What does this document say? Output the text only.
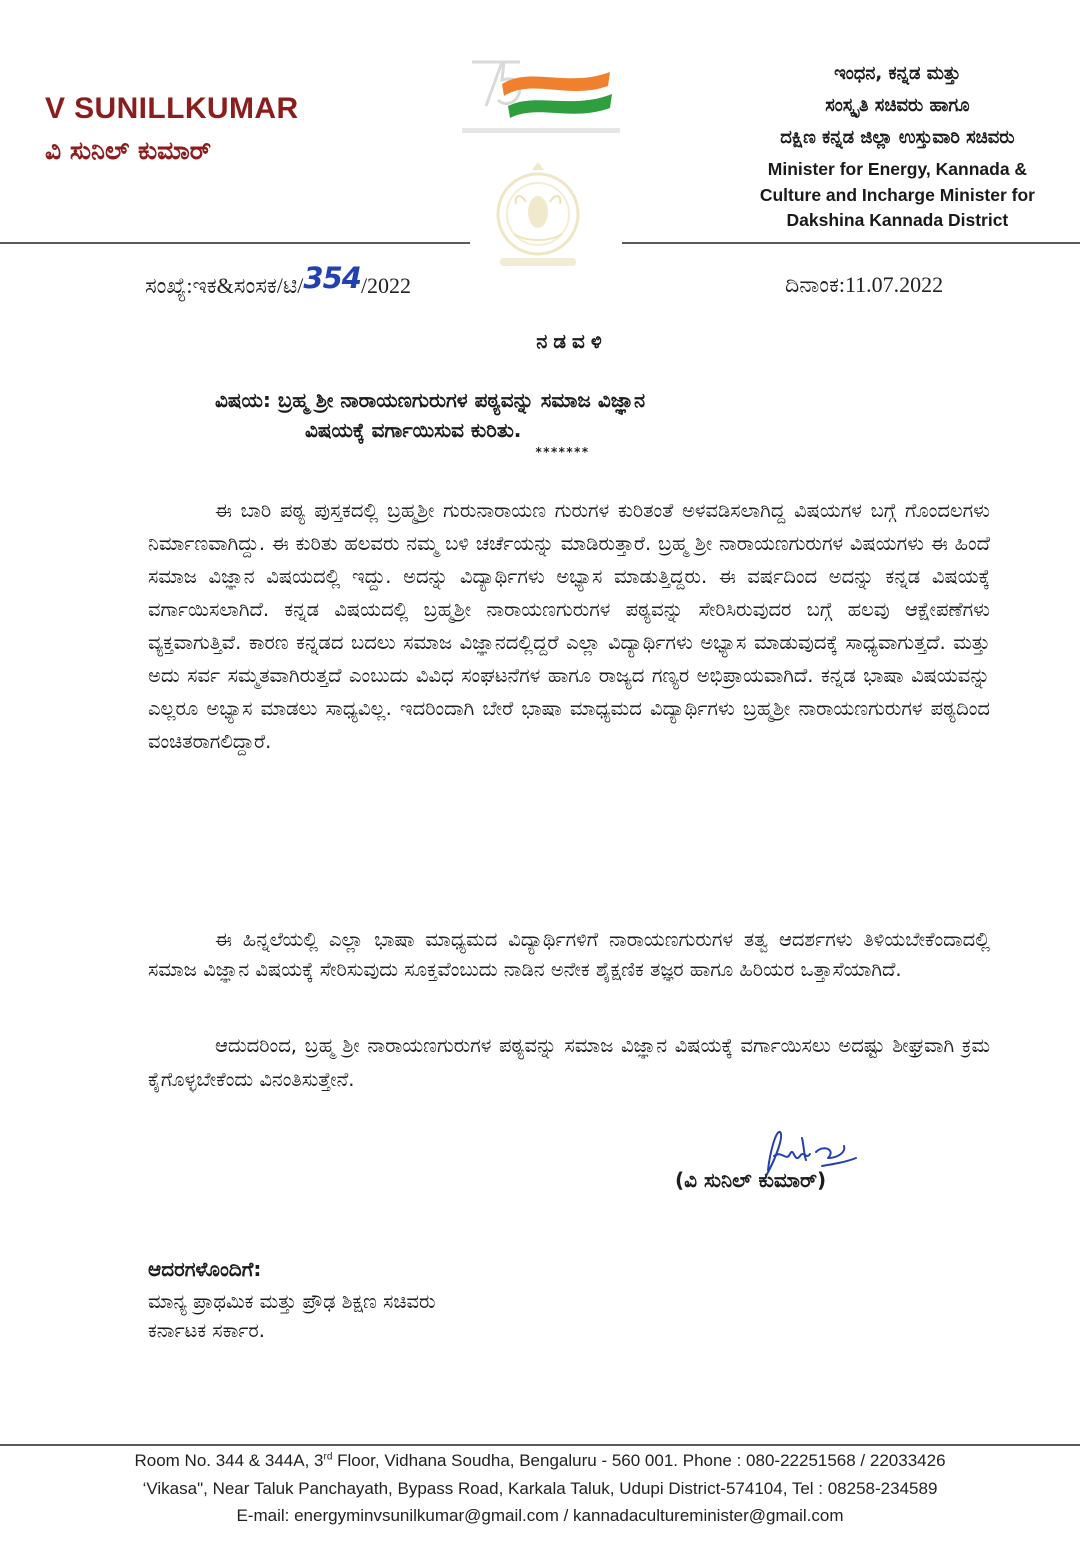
V SUNILLKUMAR
ವಿ ಸುನಿಲ್ ಕುಮಾರ್
ಇಂಧನ, ಕನ್ನಡ ಮತ್ತು
ಸಂಸ್ಕೃತಿ ಸಚಿವರು ಹಾಗೂ
ದಕ್ಷಿಣ ಕನ್ನಡ ಜಿಲ್ಲಾ ಉಸ್ತುವಾರಿ ಸಚಿವರು
Minister for Energy, Kannada &
Culture and Incharge Minister for
Dakshina Kannada District
ಸಂಖ್ಯೆ:ಇಕ&ಸಂಸಕ/ಟಿ/354/2022	ದಿನಾಂಕ:11.07.2022
ನಡವಳಿ
ವಿಷಯ: ಬ್ರಹ್ಮ ಶ್ರೀ ನಾರಾಯಣಗುರುಗಳ ಪಠ್ಯವನ್ನು ಸಮಾಜ ವಿಜ್ಞಾನ
ವಿಷಯಕ್ಕೆ ವರ್ಗಾಯಿಸುವ ಕುರಿತು.
*******
ಈ ಬಾರಿ ಪಠ್ಯ ಪುಸ್ತಕದಲ್ಲಿ ಬ್ರಹ್ಮಶ್ರೀ ಗುರುನಾರಾಯಣ ಗುರುಗಳ ಕುರಿತಂತೆ ಅಳವಡಿಸಲಾಗಿದ್ದ ವಿಷಯಗಳ ಬಗ್ಗೆ ಗೊಂದಲಗಳು ನಿರ್ಮಾಣವಾಗಿದ್ದು. ಈ ಕುರಿತು ಹಲವರು ನಮ್ಮ ಬಳಿ ಚರ್ಚೆಯನ್ನು ಮಾಡಿರುತ್ತಾರೆ. ಬ್ರಹ್ಮ ಶ್ರೀ ನಾರಾಯಣಗುರುಗಳ ವಿಷಯಗಳು ಈ ಹಿಂದೆ ಸಮಾಜ ವಿಜ್ಞಾನ ವಿಷಯದಲ್ಲಿ ಇದ್ದು. ಅದನ್ನು ವಿದ್ಯಾರ್ಥಿಗಳು ಅಭ್ಯಾಸ ಮಾಡುತ್ತಿದ್ದರು. ಈ ವರ್ಷದಿಂದ ಅದನ್ನು ಕನ್ನಡ ವಿಷಯಕ್ಕೆ ವರ್ಗಾಯಿಸಲಾಗಿದೆ. ಕನ್ನಡ ವಿಷಯದಲ್ಲಿ ಬ್ರಹ್ಮಶ್ರೀ ನಾರಾಯಣಗುರುಗಳ ಪಠ್ಯವನ್ನು ಸೇರಿಸಿರುವುದರ ಬಗ್ಗೆ ಹಲವು ಆಕ್ಷೇಪಣೆಗಳು ವ್ಯಕ್ತವಾಗುತ್ತಿವೆ. ಕಾರಣ ಕನ್ನಡದ ಬದಲು ಸಮಾಜ ವಿಜ್ಞಾನದಲ್ಲಿದ್ದರೆ ಎಲ್ಲಾ ವಿದ್ಯಾರ್ಥಿಗಳು ಅಭ್ಯಾಸ ಮಾಡುವುದಕ್ಕೆ ಸಾಧ್ಯವಾಗುತ್ತದೆ. ಮತ್ತು ಅದು ಸರ್ವ ಸಮ್ಮತವಾಗಿರುತ್ತದೆ ಎಂಬುದು ವಿವಿಧ ಸಂಘಟನೆಗಳ ಹಾಗೂ ರಾಜ್ಯದ ಗಣ್ಯರ ಅಭಿಪ್ರಾಯವಾಗಿದೆ. ಕನ್ನಡ ಭಾಷಾ ವಿಷಯವನ್ನು ಎಲ್ಲರೂ ಅಭ್ಯಾಸ ಮಾಡಲು ಸಾಧ್ಯವಿಲ್ಲ. ಇದರಿಂದಾಗಿ ಬೇರೆ ಭಾಷಾ ಮಾಧ್ಯಮದ ವಿದ್ಯಾರ್ಥಿಗಳು ಬ್ರಹ್ಮಶ್ರೀ ನಾರಾಯಣಗುರುಗಳ ಪಠ್ಯದಿಂದ ವಂಚಿತರಾಗಲಿದ್ದಾರೆ.
ಈ ಹಿನ್ನಲೆಯಲ್ಲಿ ಎಲ್ಲಾ ಭಾಷಾ ಮಾಧ್ಯಮದ ವಿದ್ಯಾರ್ಥಿಗಳಿಗೆ ನಾರಾಯಣಗುರುಗಳ ತತ್ವ ಆದರ್ಶಗಳು ತಿಳಿಯಬೇಕೆಂದಾದಲ್ಲಿ ಸಮಾಜ ವಿಜ್ಞಾನ ವಿಷಯಕ್ಕೆ ಸೇರಿಸುವುದು ಸೂಕ್ತವೆಂಬುದು ನಾಡಿನ ಅನೇಕ ಶೈಕ್ಷಣಿಕ ತಜ್ಞರ ಹಾಗೂ ಹಿರಿಯರ ಒತ್ತಾಸೆಯಾಗಿದೆ.
ಆದುದರಿಂದ, ಬ್ರಹ್ಮ ಶ್ರೀ ನಾರಾಯಣಗುರುಗಳ ಪಠ್ಯವನ್ನು ಸಮಾಜ ವಿಜ್ಞಾನ ವಿಷಯಕ್ಕೆ ವರ್ಗಾಯಿಸಲು ಅದಷ್ಟು ಶೀಘ್ರವಾಗಿ ಕ್ರಮ ಕೈಗೊಳ್ಳಬೇಕೆಂದು ವಿನಂತಿಸುತ್ತೇನೆ.
(ವಿ ಸುನಿಲ್ ಕುಮಾರ್)
ಆದರಗಳೊಂದಿಗೆ:
ಮಾನ್ಯ ಪ್ರಾಥಮಿಕ ಮತ್ತು ಪ್ರೌಢ ಶಿಕ್ಷಣ ಸಚಿವರು
ಕರ್ನಾಟಕ ಸರ್ಕಾರ.
Room No. 344 & 344A, 3rd Floor, Vidhana Soudha, Bengaluru - 560 001. Phone : 080-22251568 / 22033426
‘Vikasa", Near Taluk Panchayath, Bypass Road, Karkala Taluk, Udupi District-574104, Tel : 08258-234589
E-mail: energyminvsunilkumar@gmail.com / kannadacultureminister@gmail.com
